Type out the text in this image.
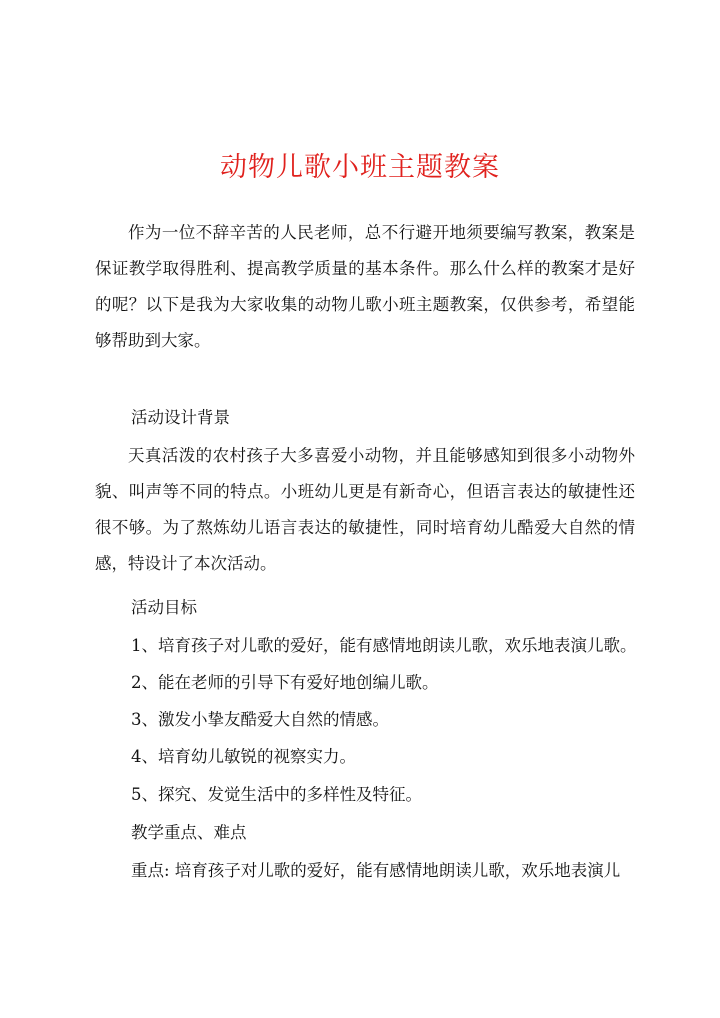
动物儿歌小班主题教案

作为一位不辞辛苦的人民老师，总不行避开地须要编写教案，教案是保证教学取得胜利、提高教学质量的基本条件。那么什么样的教案才是好的呢？以下是我为大家收集的动物儿歌小班主题教案，仅供参考，希望能够帮助到大家。

活动设计背景

天真活泼的农村孩子大多喜爱小动物，并且能够感知到很多小动物外貌、叫声等不同的特点。小班幼儿更是有新奇心，但语言表达的敏捷性还很不够。为了熬炼幼儿语言表达的敏捷性，同时培育幼儿酷爱大自然的情感，特设计了本次活动。

活动目标

1、培育孩子对儿歌的爱好，能有感情地朗读儿歌，欢乐地表演儿歌。

2、能在老师的引导下有爱好地创编儿歌。

3、激发小挚友酷爱大自然的情感。

4、培育幼儿敏锐的视察实力。

5、探究、发觉生活中的多样性及特征。

教学重点、难点

重点: 培育孩子对儿歌的爱好，能有感情地朗读儿歌，欢乐地表演儿
